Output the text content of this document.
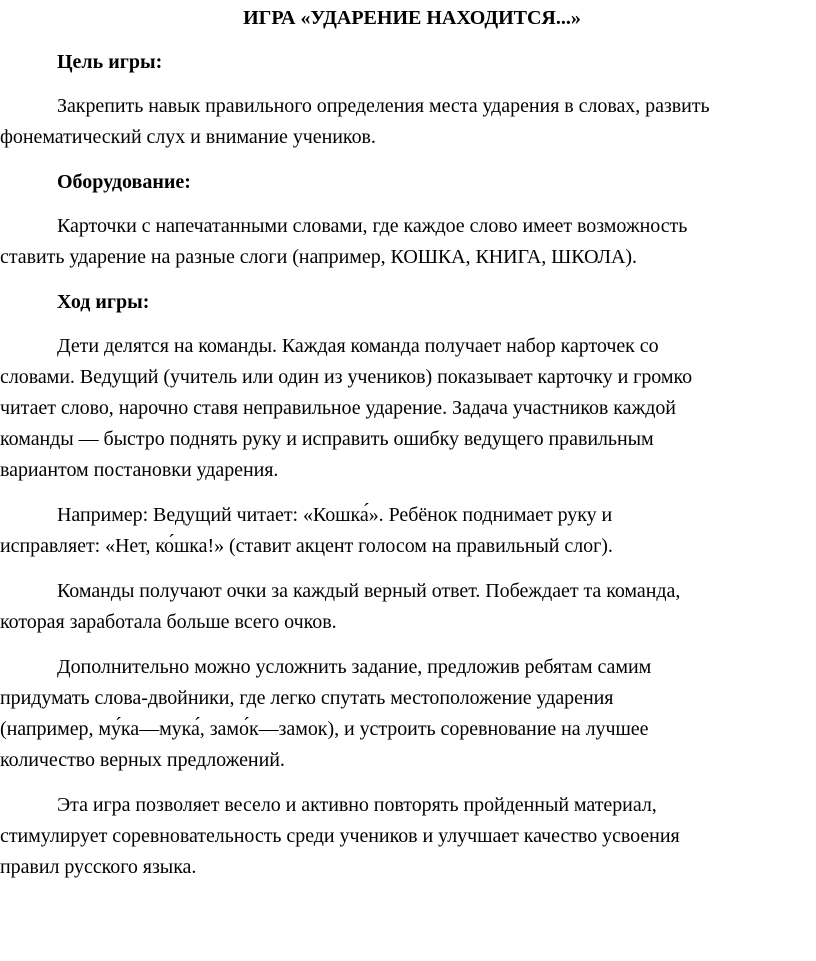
ИГРА «УДАРЕНИЕ НАХОДИТСЯ...»
Цель игры:
Закрепить навык правильного определения места ударения в словах, развить
фонематический слух и внимание учеников.
Оборудование:
Карточки с напечатанными словами, где каждое слово имеет возможность
ставить ударение на разные слоги (например, КОШКА, КНИГА, ШКОЛА).
Ход игры:
Дети делятся на команды. Каждая команда получает набор карточек со
словами. Ведущий (учитель или один из учеников) показывает карточку и громко
читает слово, нарочно ставя неправильное ударение. Задача участников каждой
команды — быстро поднять руку и исправить ошибку ведущего правильным
вариантом постановки ударения.
Например: Ведущий читает: «Кошка́». Ребёнок поднимает руку и
исправляет: «Нет, ко́шка!» (ставит акцент голосом на правильный слог).
Команды получают очки за каждый верный ответ. Побеждает та команда,
которая заработала больше всего очков.
Дополнительно можно усложнить задание, предложив ребятам самим
придумать слова-двойники, где легко спутать местоположение ударения
(например, му́ка—мука́, замо́к—замок), и устроить соревнование на лучшее
количество верных предложений.
Эта игра позволяет весело и активно повторять пройденный материал,
стимулирует соревновательность среди учеников и улучшает качество усвоения
правил русского языка.
